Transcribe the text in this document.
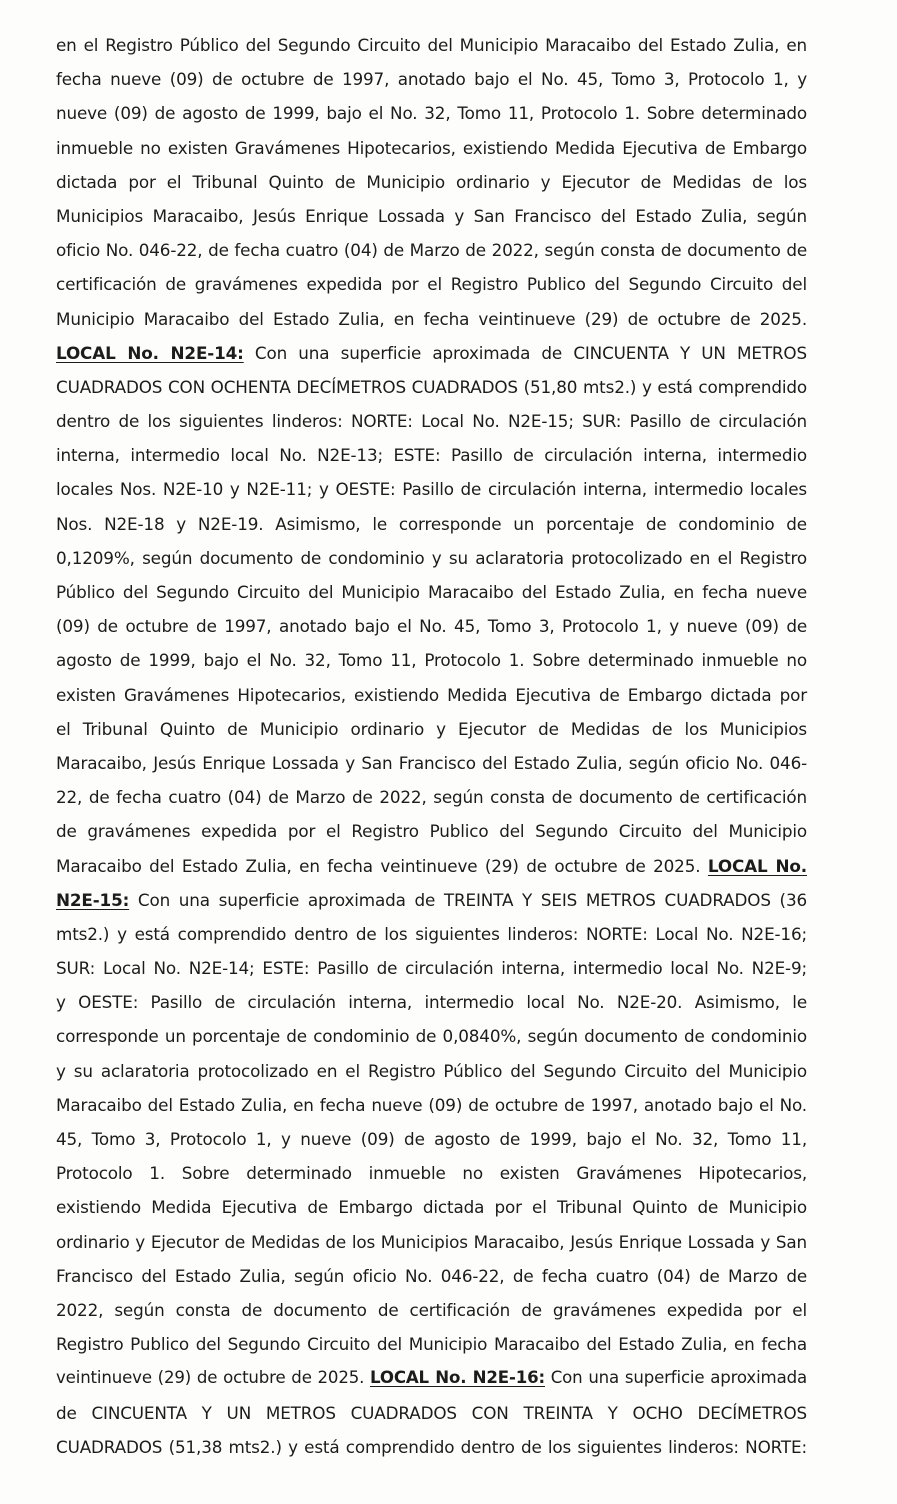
en el Registro Público del Segundo Circuito del Municipio Maracaibo del Estado Zulia, en
fecha nueve (09) de octubre de 1997, anotado bajo el No. 45, Tomo 3, Protocolo 1, y
nueve (09) de agosto de 1999, bajo el No. 32, Tomo 11, Protocolo 1. Sobre determinado
inmueble no existen Gravámenes Hipotecarios, existiendo Medida Ejecutiva de Embargo
dictada por el Tribunal Quinto de Municipio ordinario y Ejecutor de Medidas de los
Municipios Maracaibo, Jesús Enrique Lossada y San Francisco del Estado Zulia, según
oficio No. 046-22, de fecha cuatro (04) de Marzo de 2022, según consta de documento de
certificación de gravámenes expedida por el Registro Publico del Segundo Circuito del
Municipio Maracaibo del Estado Zulia, en fecha veintinueve (29) de octubre de 2025.
LOCAL No. N2E-14: Con una superficie aproximada de CINCUENTA Y UN METROS
CUADRADOS CON OCHENTA DECÍMETROS CUADRADOS (51,80 mts2.) y está comprendido
dentro de los siguientes linderos: NORTE: Local No. N2E-15; SUR: Pasillo de circulación
interna, intermedio local No. N2E-13; ESTE: Pasillo de circulación interna, intermedio
locales Nos. N2E-10 y N2E-11; y OESTE: Pasillo de circulación interna, intermedio locales
Nos. N2E-18 y N2E-19. Asimismo, le corresponde un porcentaje de condominio de
0,1209%, según documento de condominio y su aclaratoria protocolizado en el Registro
Público del Segundo Circuito del Municipio Maracaibo del Estado Zulia, en fecha nueve
(09) de octubre de 1997, anotado bajo el No. 45, Tomo 3, Protocolo 1, y nueve (09) de
agosto de 1999, bajo el No. 32, Tomo 11, Protocolo 1. Sobre determinado inmueble no
existen Gravámenes Hipotecarios, existiendo Medida Ejecutiva de Embargo dictada por
el Tribunal Quinto de Municipio ordinario y Ejecutor de Medidas de los Municipios
Maracaibo, Jesús Enrique Lossada y San Francisco del Estado Zulia, según oficio No. 046-
22, de fecha cuatro (04) de Marzo de 2022, según consta de documento de certificación
de gravámenes expedida por el Registro Publico del Segundo Circuito del Municipio
Maracaibo del Estado Zulia, en fecha veintinueve (29) de octubre de 2025. LOCAL No.
N2E-15: Con una superficie aproximada de TREINTA Y SEIS METROS CUADRADOS (36
mts2.) y está comprendido dentro de los siguientes linderos: NORTE: Local No. N2E-16;
SUR: Local No. N2E-14; ESTE: Pasillo de circulación interna, intermedio local No. N2E-9;
y OESTE: Pasillo de circulación interna, intermedio local No. N2E-20. Asimismo, le
corresponde un porcentaje de condominio de 0,0840%, según documento de condominio
y su aclaratoria protocolizado en el Registro Público del Segundo Circuito del Municipio
Maracaibo del Estado Zulia, en fecha nueve (09) de octubre de 1997, anotado bajo el No.
45, Tomo 3, Protocolo 1, y nueve (09) de agosto de 1999, bajo el No. 32, Tomo 11,
Protocolo 1. Sobre determinado inmueble no existen Gravámenes Hipotecarios,
existiendo Medida Ejecutiva de Embargo dictada por el Tribunal Quinto de Municipio
ordinario y Ejecutor de Medidas de los Municipios Maracaibo, Jesús Enrique Lossada y San
Francisco del Estado Zulia, según oficio No. 046-22, de fecha cuatro (04) de Marzo de
2022, según consta de documento de certificación de gravámenes expedida por el
Registro Publico del Segundo Circuito del Municipio Maracaibo del Estado Zulia, en fecha
veintinueve (29) de octubre de 2025. LOCAL No. N2E-16: Con una superficie aproximada
de CINCUENTA Y UN METROS CUADRADOS CON TREINTA Y OCHO DECÍMETROS
CUADRADOS (51,38 mts2.) y está comprendido dentro de los siguientes linderos: NORTE:
